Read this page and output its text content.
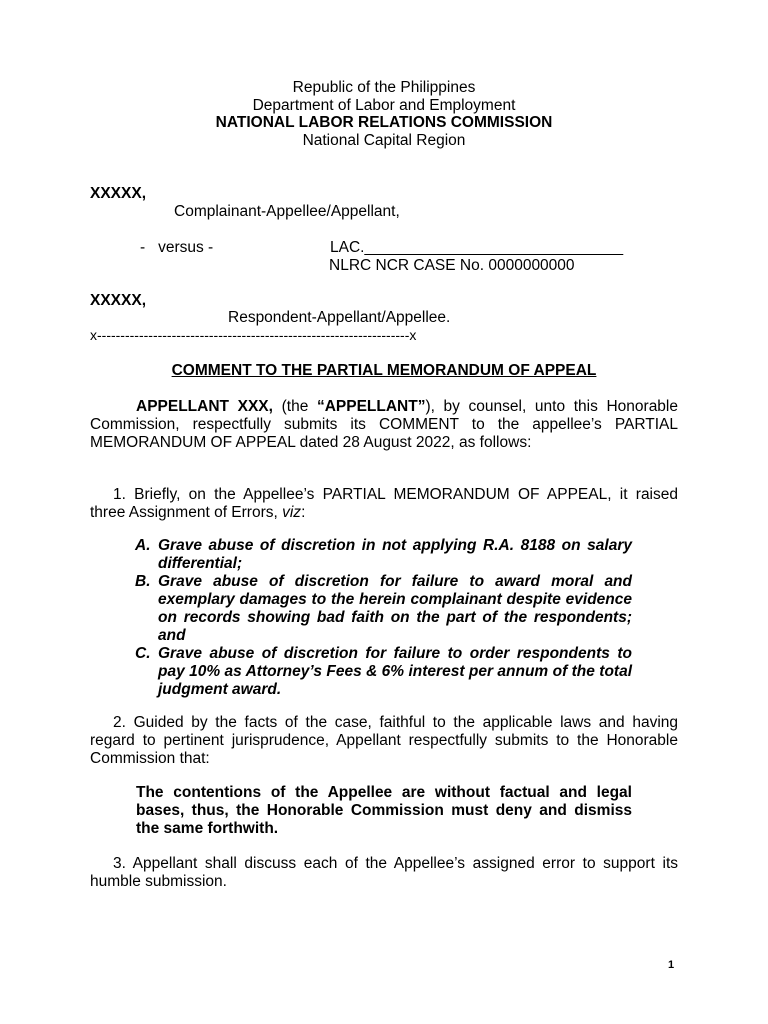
Republic of the Philippines
Department of Labor and Employment
NATIONAL LABOR RELATIONS COMMISSION
National Capital Region
XXXXX,
Complainant-Appellee/Appellant,
-   versus -	LAC.______________________________
NLRC NCR CASE No. 0000000000
XXXXX,
Respondent-Appellant/Appellee.
x-------------------------------------------------------------------x
COMMENT TO THE PARTIAL MEMORANDUM OF APPEAL
APPELLANT XXX, (the “APPELLANT”), by counsel, unto this Honorable Commission, respectfully submits its COMMENT to the appellee’s PARTIAL MEMORANDUM OF APPEAL dated 28 August 2022, as follows:
1. Briefly, on the Appellee’s PARTIAL MEMORANDUM OF APPEAL, it raised three Assignment of Errors, viz:
A. Grave abuse of discretion in not applying R.A. 8188 on salary differential;
B. Grave abuse of discretion for failure to award moral and exemplary damages to the herein complainant despite evidence on records showing bad faith on the part of the respondents; and
C. Grave abuse of discretion for failure to order respondents to pay 10% as Attorney’s Fees & 6% interest per annum of the total judgment award.
2. Guided by the facts of the case, faithful to the applicable laws and having regard to pertinent jurisprudence, Appellant respectfully submits to the Honorable Commission that:
The contentions of the Appellee are without factual and legal bases, thus, the Honorable Commission must deny and dismiss the same forthwith.
3. Appellant shall discuss each of the Appellee’s assigned error to support its humble submission.
1
